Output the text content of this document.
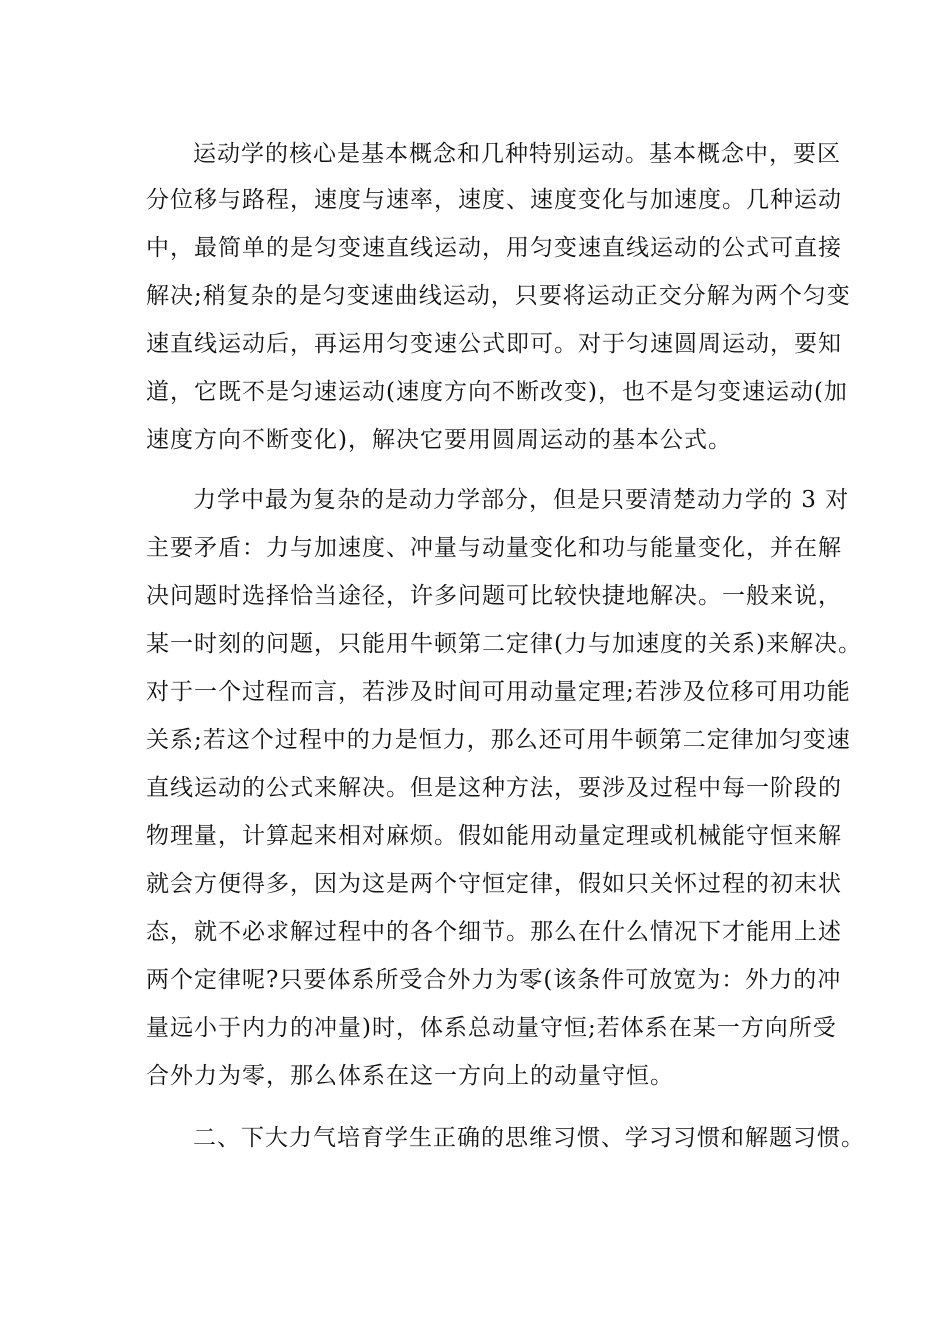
运动学的核心是基本概念和几种特别运动。基本概念中，要区
分位移与路程，速度与速率，速度、速度变化与加速度。几种运动
中，最简单的是匀变速直线运动，用匀变速直线运动的公式可直接
解决;稍复杂的是匀变速曲线运动，只要将运动正交分解为两个匀变
速直线运动后，再运用匀变速公式即可。对于匀速圆周运动，要知
道，它既不是匀速运动(速度方向不断改变)，也不是匀变速运动(加
速度方向不断变化)，解决它要用圆周运动的基本公式。
力学中最为复杂的是动力学部分，但是只要清楚动力学的 3 对
主要矛盾：力与加速度、冲量与动量变化和功与能量变化，并在解
决问题时选择恰当途径，许多问题可比较快捷地解决。一般来说，
某一时刻的问题，只能用牛顿第二定律(力与加速度的关系)来解决。
对于一个过程而言，若涉及时间可用动量定理;若涉及位移可用功能
关系;若这个过程中的力是恒力，那么还可用牛顿第二定律加匀变速
直线运动的公式来解决。但是这种方法，要涉及过程中每一阶段的
物理量，计算起来相对麻烦。假如能用动量定理或机械能守恒来解
就会方便得多，因为这是两个守恒定律，假如只关怀过程的初末状
态，就不必求解过程中的各个细节。那么在什么情况下才能用上述
两个定律呢?只要体系所受合外力为零(该条件可放宽为：外力的冲
量远小于内力的冲量)时，体系总动量守恒;若体系在某一方向所受
合外力为零，那么体系在这一方向上的动量守恒。
二、下大力气培育学生正确的思维习惯、学习习惯和解题习惯。
